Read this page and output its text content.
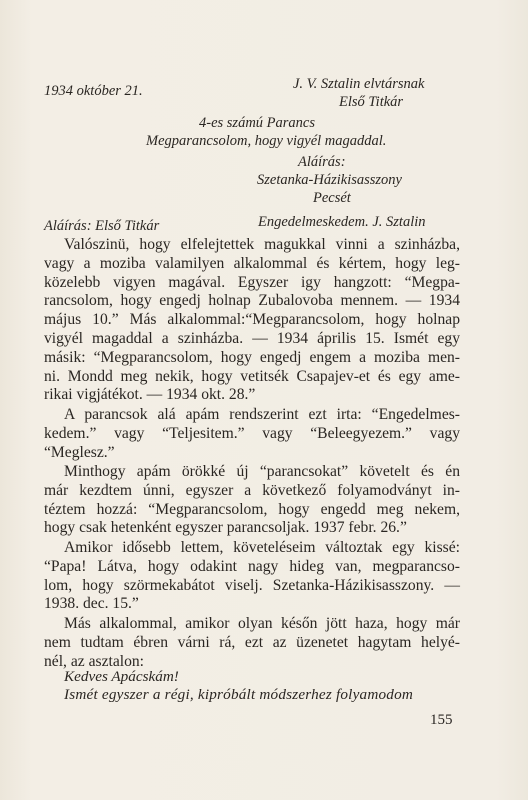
1934 október 21.	J. V. Sztalin elvtársnak
Első Titkár
4-es számú Parancs
Megparancsolom, hogy vigyél magaddal.
Aláírás:
Szetanka-Házikisasszony
Pecsét
Aláírás: Első Titkár	Engedelmeskedem. J. Sztalin
Valószinü, hogy elfelejtettek magukkal vinni a szinházba,
vagy a moziba valamilyen alkalommal és kértem, hogy leg-
közelebb vigyen magával. Egyszer igy hangzott: “Megpa-
rancsolom, hogy engedj holnap Zubalovoba mennem. — 1934
május 10.” Más alkalommal:“Megparancsolom, hogy holnap
vigyél magaddal a szinházba. — 1934 április 15. Ismét egy
másik: “Megparancsolom, hogy engedj engem a moziba men-
ni. Mondd meg nekik, hogy vetitsék Csapajev-et és egy ame-
rikai vigjátékot. — 1934 okt. 28.”
A parancsok alá apám rendszerint ezt irta: “Engedelmes-
kedem.” vagy “Teljesitem.” vagy “Beleegyezem.” vagy
“Meglesz.”
Minthogy apám örökké új “parancsokat” követelt és én
már kezdtem únni, egyszer a következő folyamodványt in-
téztem hozzá: “Megparancsolom, hogy engedd meg nekem,
hogy csak hetenként egyszer parancsoljak. 1937 febr. 26.”
Amikor idősebb lettem, követeléseim változtak egy kissé:
“Papa! Látva, hogy odakint nagy hideg van, megparancso-
lom, hogy szörmekabátot viselj. Szetanka-Házikisasszony. —
1938. dec. 15.”
Más alkalommal, amikor olyan későn jött haza, hogy már
nem tudtam ébren várni rá, ezt az üzenetet hagytam helyé-
nél, az asztalon:
Kedves Apácskám!
Ismét egyszer a régi, kipróbált módszerhez folyamodom
155
